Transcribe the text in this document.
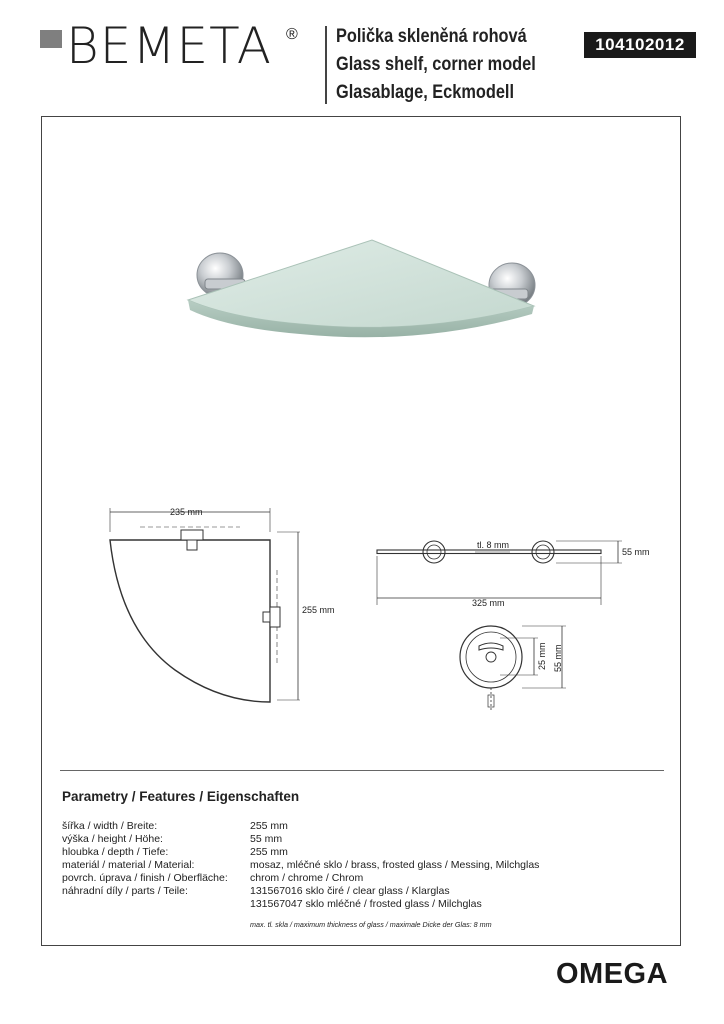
BEMETA ® Polička skleněná rohová
Glass shelf, corner model
Glasablage, Eckmodell
104102012
235 mm
255 mm
tl. 8 mm
55 mm
325 mm
25 mm 55 mm
Parametry / Features / Eigenschaften
šířka / width / Breite:	255 mm
výška / height / Höhe:	55 mm
hloubka / depth / Tiefe:	255 mm
materiál / material / Material:	mosaz, mléčné sklo / brass, frosted glass / Messing, Milchglas
povrch. úprava / finish / Oberfläche: chrom / chrome / Chrom
náhradní díly / parts / Teile:	131567016 sklo čiré / clear glass / Klarglas
131567047 sklo mléčné / frosted glass / Milchglas
max. tl. skla / maximum thickness of glass / maximale Dicke der Glas: 8 mm
OMEGA
